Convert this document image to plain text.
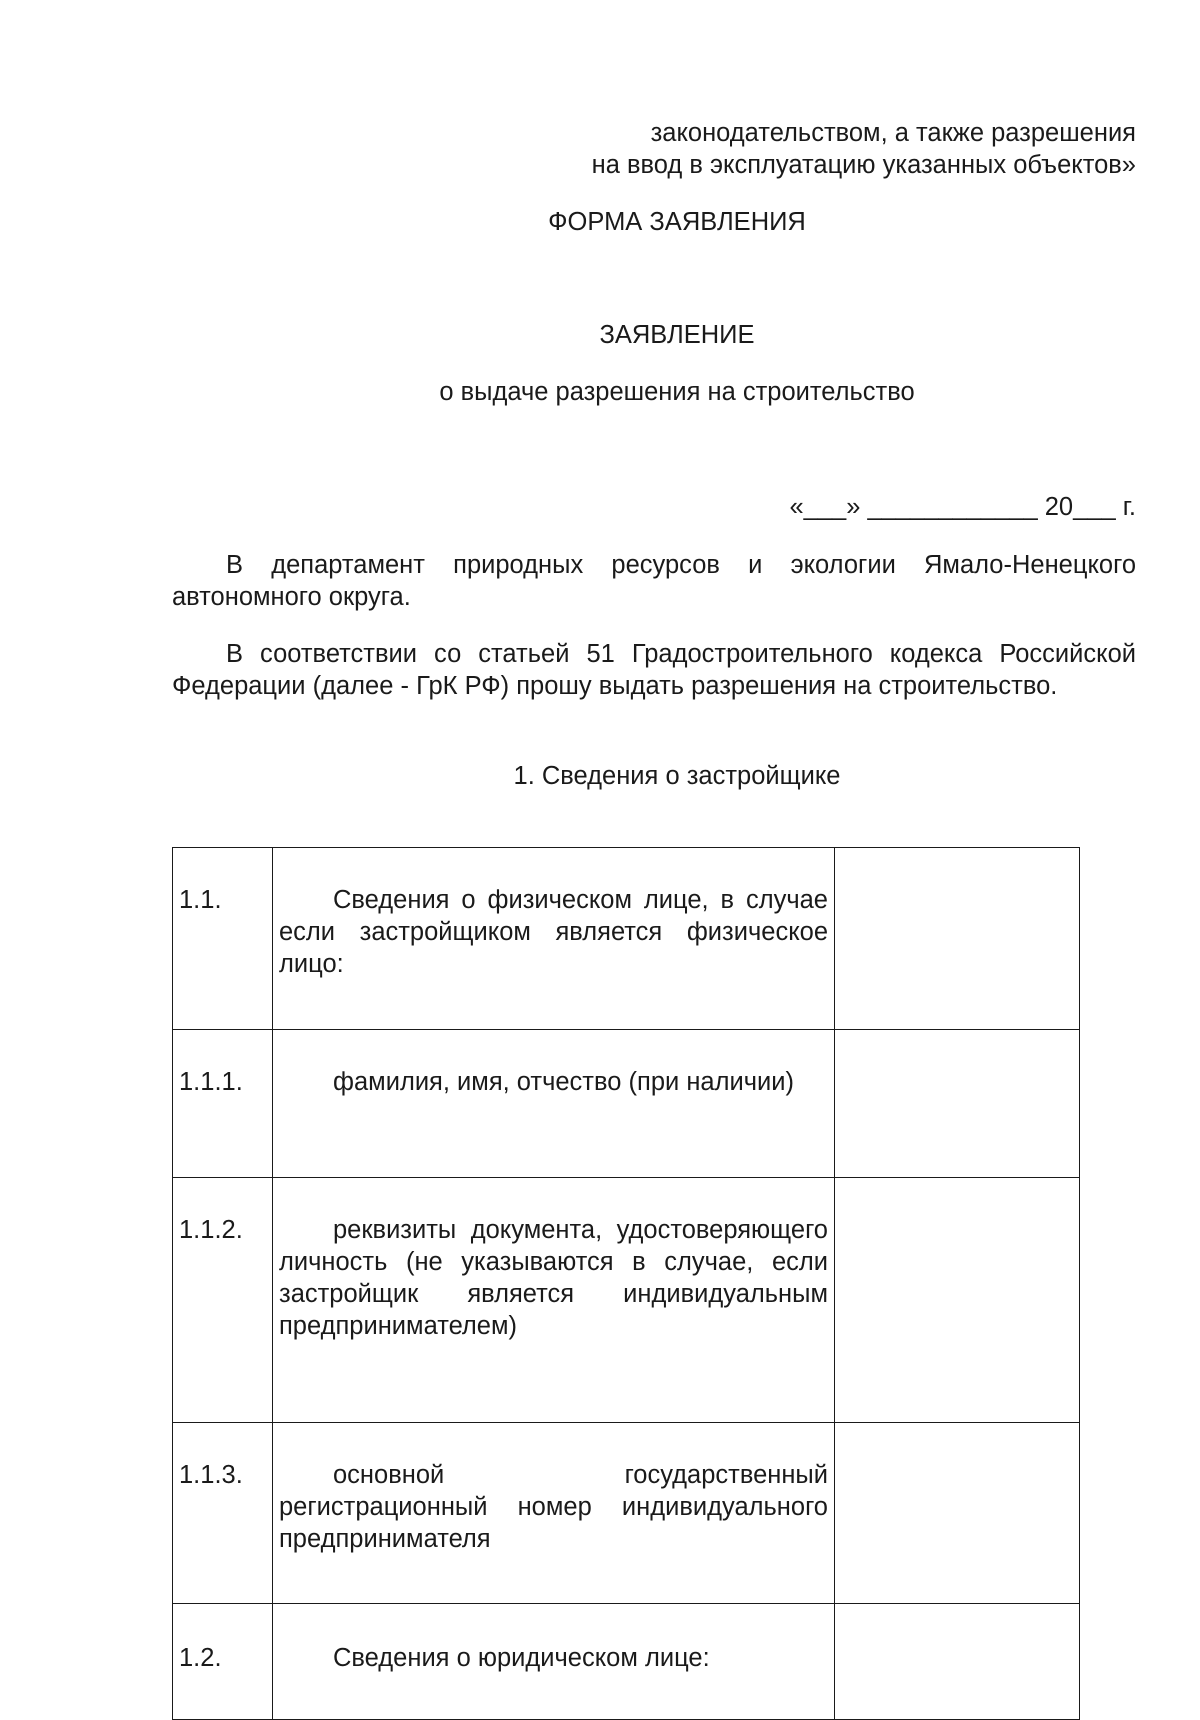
законодательством, а также разрешения
на ввод в эксплуатацию указанных объектов»
ФОРМА ЗАЯВЛЕНИЯ
ЗАЯВЛЕНИЕ
о выдаче разрешения на строительство
«___» ____________ 20___ г.
В департамент природных ресурсов и экологии Ямало-Ненецкого автономного округа.
В соответствии со статьей 51 Градостроительного кодекса Российской Федерации (далее - ГрК РФ) прошу выдать разрешения на строительство.
1. Сведения о застройщике
1.1.	Сведения о физическом лице, в случае если застройщиком является физическое лицо:	
1.1.1.	фамилия, имя, отчество (при наличии)	
1.1.2.	реквизиты документа, удостоверяющего личность (не указываются в случае, если застройщик является индивидуальным предпринимателем)	
1.1.3.	основной государственный регистрационный номер индивидуального предпринимателя	
1.2.	Сведения о юридическом лице:	
